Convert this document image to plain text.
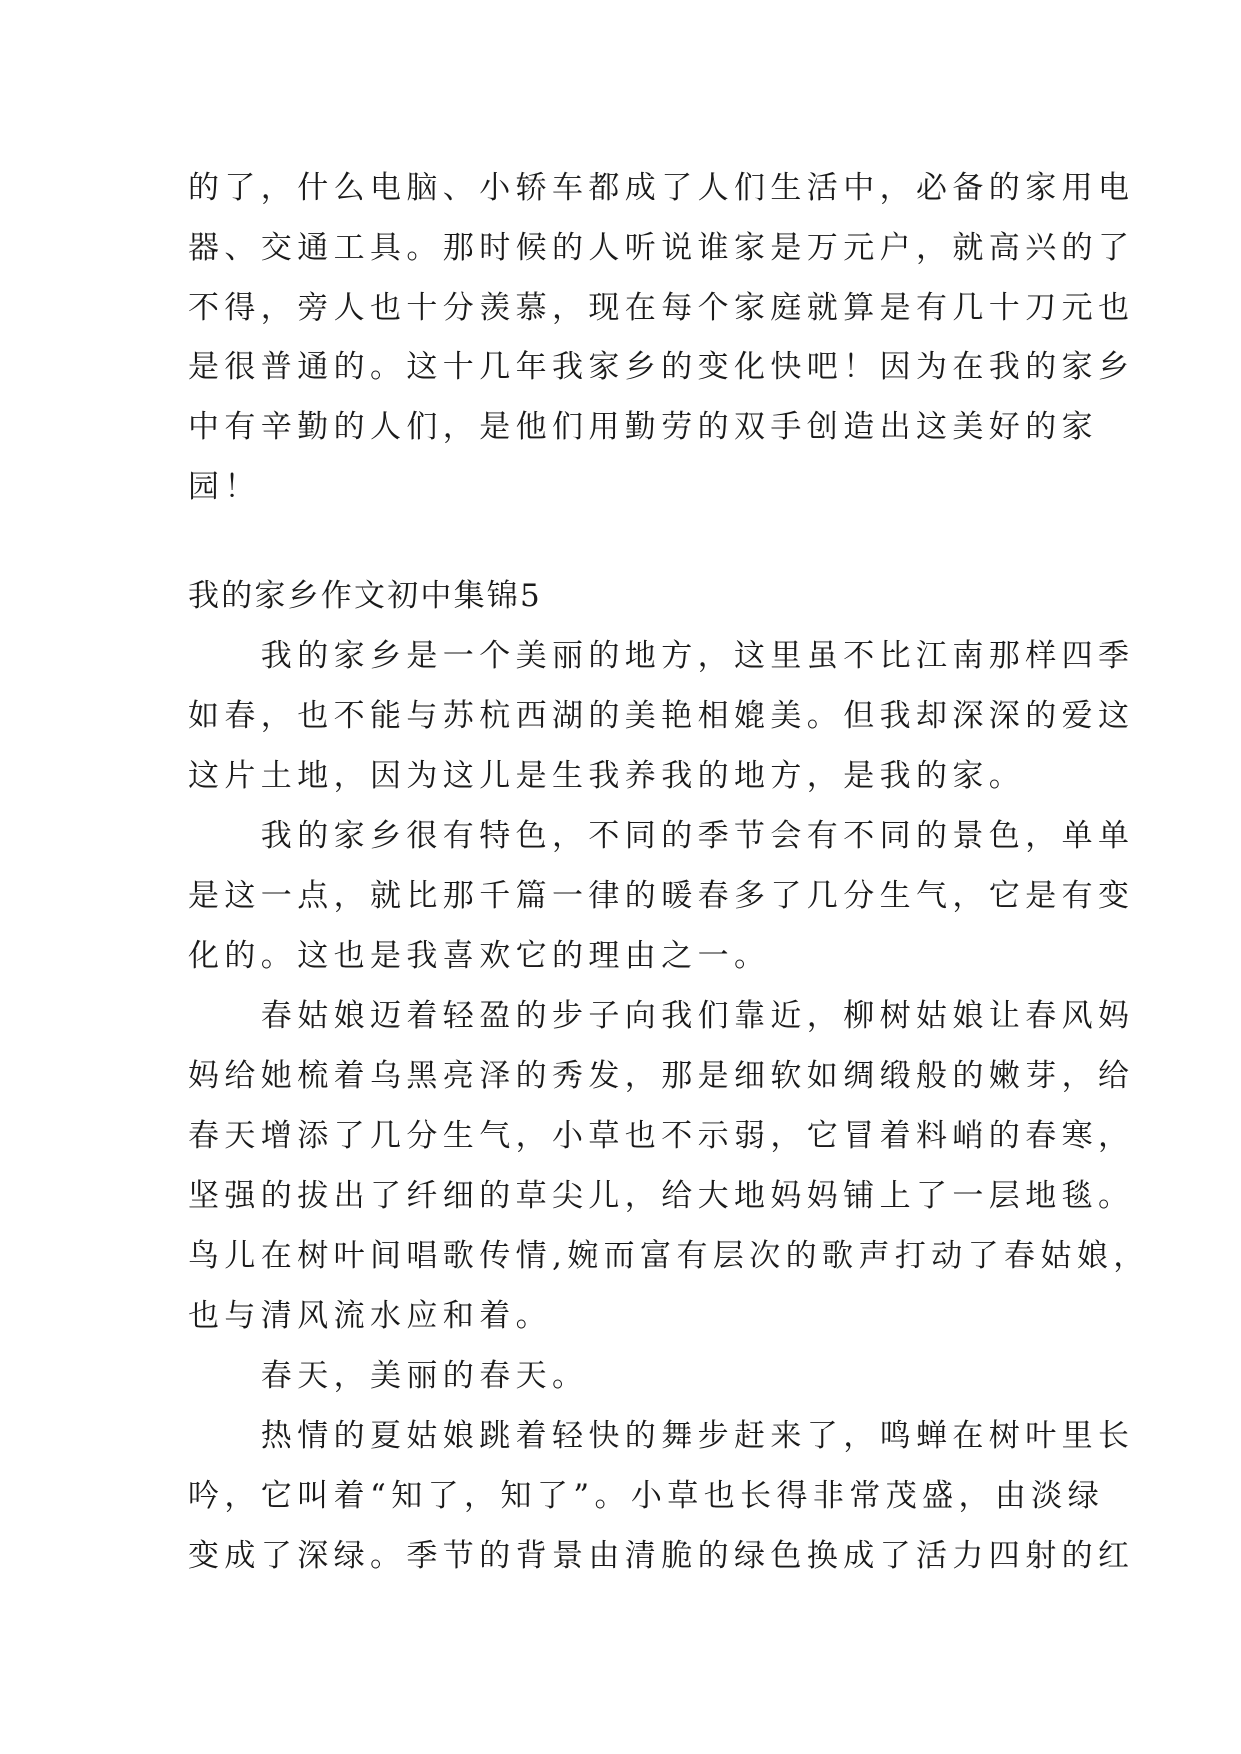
的了，什么电脑、小轿车都成了人们生活中，必备的家用电
器、交通工具。那时候的人听说谁家是万元户，就高兴的了
不得，旁人也十分羡慕，现在每个家庭就算是有几十刀元也
是很普通的。这十几年我家乡的变化快吧！因为在我的家乡
中有辛勤的人们，是他们用勤劳的双手创造出这美好的家
园！
我的家乡作文初中集锦5
　　我的家乡是一个美丽的地方，这里虽不比江南那样四季
如春，也不能与苏杭西湖的美艳相媲美。但我却深深的爱这
这片土地，因为这儿是生我养我的地方，是我的家。
　　我的家乡很有特色，不同的季节会有不同的景色，单单
是这一点，就比那千篇一律的暖春多了几分生气，它是有变
化的。这也是我喜欢它的理由之一。
　　春姑娘迈着轻盈的步子向我们靠近，柳树姑娘让春风妈
妈给她梳着乌黑亮泽的秀发，那是细软如绸缎般的嫩芽，给
春天增添了几分生气，小草也不示弱，它冒着料峭的春寒，
坚强的拔出了纤细的草尖儿，给大地妈妈铺上了一层地毯。
鸟儿在树叶间唱歌传情,婉而富有层次的歌声打动了春姑娘，
也与清风流水应和着。
　　春天，美丽的春天。
　　热情的夏姑娘跳着轻快的舞步赶来了，鸣蝉在树叶里长
吟，它叫着“知了，知了”。小草也长得非常茂盛，由淡绿
变成了深绿。季节的背景由清脆的绿色换成了活力四射的红
